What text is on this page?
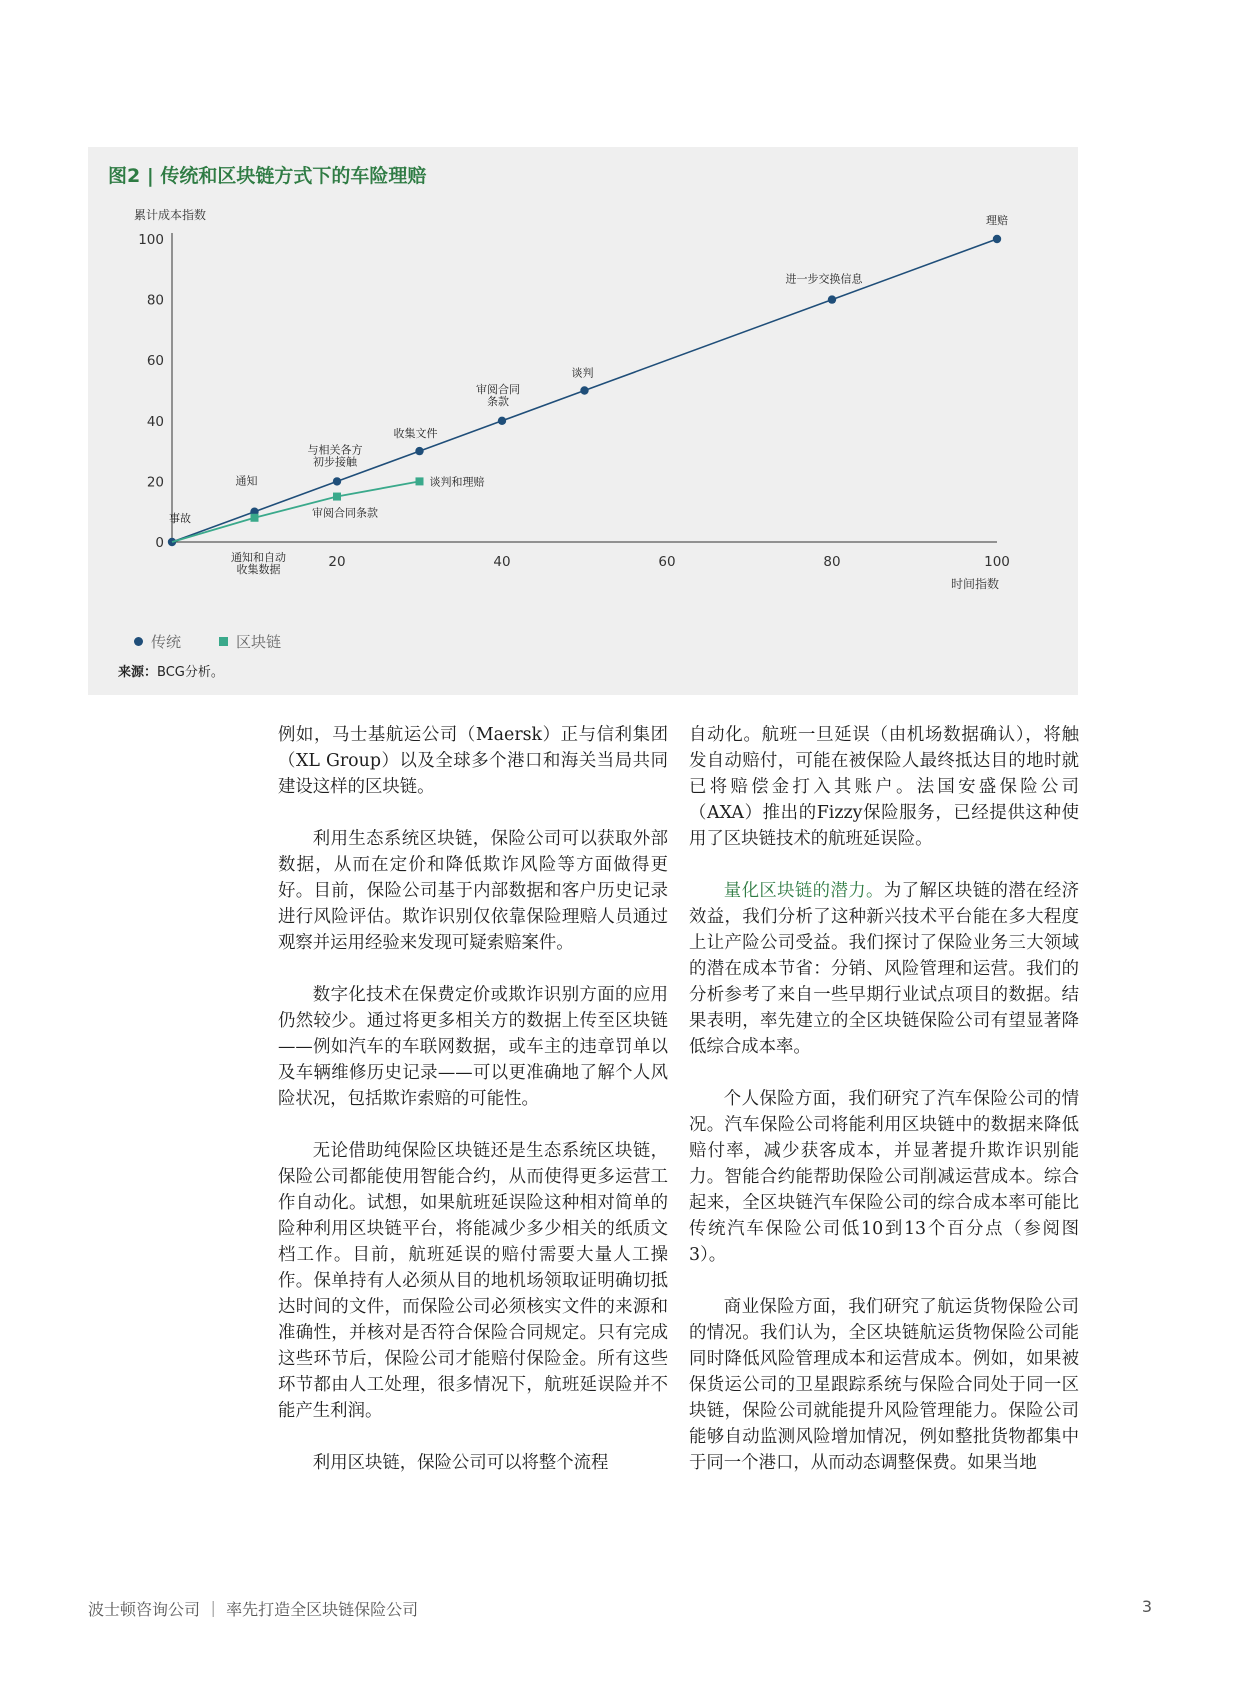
图2 | 传统和区块链方式下的车险理赔
0
20
40
60
80
100
20	40	60	80	100
累计成本指数
时间指数
事故
通知
与相关各方初步接触
收集文件
审阅合同条款
谈判
进一步交换信息
理赔
通知和自动收集数据
审阅合同条款
谈判和理赔
传统	区块链
来源：BCG分析。

例如，马士基航运公司（Maersk）正与信利集团（XL Group）以及全球多个港口和海关当局共同建设这样的区块链。

利用生态系统区块链，保险公司可以获取外部数据，从而在定价和降低欺诈风险等方面做得更好。目前，保险公司基于内部数据和客户历史记录进行风险评估。欺诈识别仅依靠保险理赔人员通过观察并运用经验来发现可疑索赔案件。

数字化技术在保费定价或欺诈识别方面的应用仍然较少。通过将更多相关方的数据上传至区块链——例如汽车的车联网数据，或车主的违章罚单以及车辆维修历史记录——可以更准确地了解个人风险状况，包括欺诈索赔的可能性。

无论借助纯保险区块链还是生态系统区块链，保险公司都能使用智能合约，从而使得更多运营工作自动化。试想，如果航班延误险这种相对简单的险种利用区块链平台，将能减少多少相关的纸质文档工作。目前，航班延误的赔付需要大量人工操作。保单持有人必须从目的地机场领取证明确切抵达时间的文件，而保险公司必须核实文件的来源和准确性，并核对是否符合保险合同规定。只有完成这些环节后，保险公司才能赔付保险金。所有这些环节都由人工处理，很多情况下，航班延误险并不能产生利润。

利用区块链，保险公司可以将整个流程

自动化。航班一旦延误（由机场数据确认），将触发自动赔付，可能在被保险人最终抵达目的地时就已将赔偿金打入其账户。法国安盛保险公司（AXA）推出的Fizzy保险服务，已经提供这种使用了区块链技术的航班延误险。

量化区块链的潜力。为了解区块链的潜在经济效益，我们分析了这种新兴技术平台能在多大程度上让产险公司受益。我们探讨了保险业务三大领域的潜在成本节省：分销、风险管理和运营。我们的分析参考了来自一些早期行业试点项目的数据。结果表明，率先建立的全区块链保险公司有望显著降低综合成本率。

个人保险方面，我们研究了汽车保险公司的情况。汽车保险公司将能利用区块链中的数据来降低赔付率，减少获客成本，并显著提升欺诈识别能力。智能合约能帮助保险公司削减运营成本。综合起来，全区块链汽车保险公司的综合成本率可能比传统汽车保险公司低10到13个百分点（参阅图3）。

商业保险方面，我们研究了航运货物保险公司的情况。我们认为，全区块链航运货物保险公司能同时降低风险管理成本和运营成本。例如，如果被保货运公司的卫星跟踪系统与保险合同处于同一区块链，保险公司就能提升风险管理能力。保险公司能够自动监测风险增加情况，例如整批货物都集中于同一个港口，从而动态调整保费。如果当地

波士顿咨询公司 ｜ 率先打造全区块链保险公司	3
